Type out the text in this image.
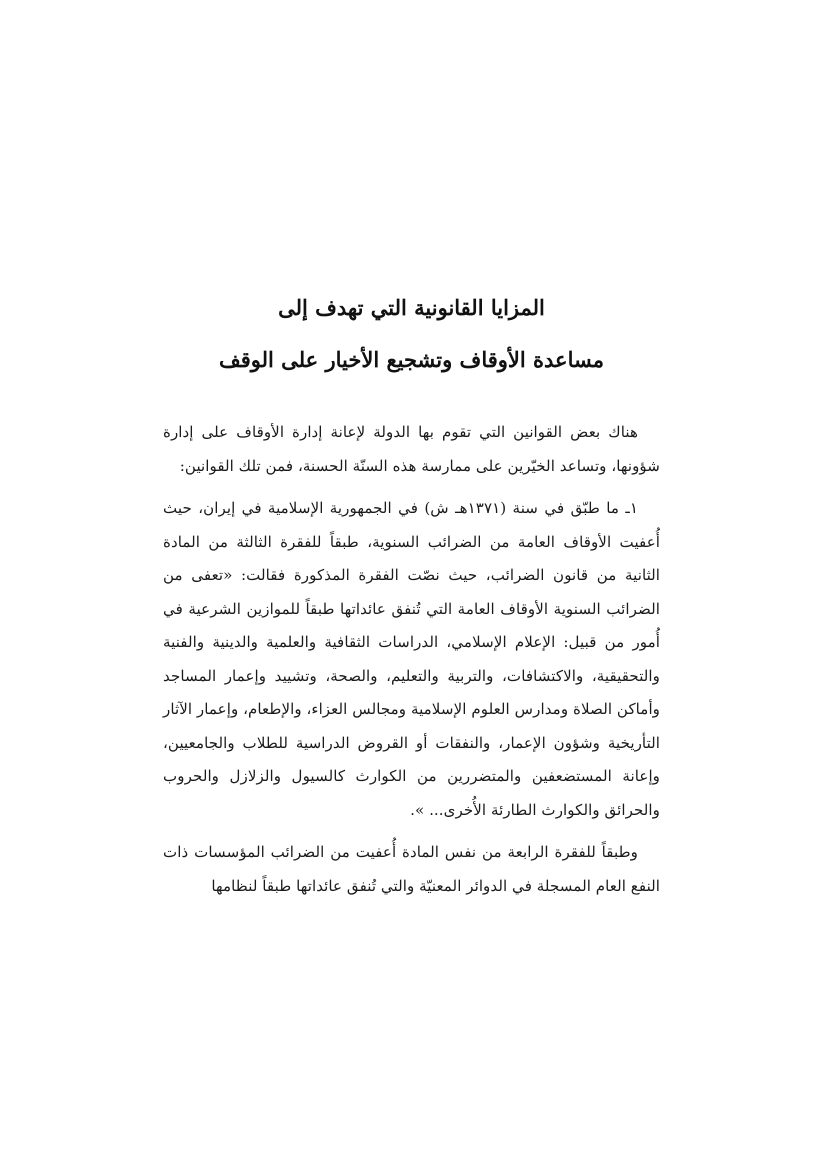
المزايا القانونية التي تهدف إلى
مساعدة الأوقاف وتشجيع الأخيار على الوقف

هناك بعض القوانين التي تقوم بها الدولة لإعانة إدارة الأوقاف على إدارة شؤونها، وتساعد الخيّرين على ممارسة هذه السنّة الحسنة، فمن تلك القوانين:

١ـ ما طبّق في سنة (١٣٧١هـ ش) في الجمهورية الإسلامية في إيران، حيث أُعفيت الأوقاف العامة من الضرائب السنوية، طبقاً للفقرة الثالثة من المادة الثانية من قانون الضرائب، حيث نصّت الفقرة المذكورة فقالت: «تعفى من الضرائب السنوية الأوقاف العامة التي تُنفق عائداتها طبقاً للموازين الشرعية في أُمور من قبيل: الإعلام الإسلامي، الدراسات الثقافية والعلمية والدينية والفنية والتحقيقية، والاكتشافات، والتربية والتعليم، والصحة، وتشييد وإعمار المساجد وأماكن الصلاة ومدارس العلوم الإسلامية ومجالس العزاء، والإطعام، وإعمار الآثار التأريخية وشؤون الإعمار، والنفقات أو القروض الدراسية للطلاب والجامعيين، وإعانة المستضعفين والمتضررين من الكوارث كالسيول والزلازل والحروب والحرائق والكوارث الطارئة الأُخرى... ».

وطبقاً للفقرة الرابعة من نفس المادة أُعفيت من الضرائب المؤسسات ذات النفع العام المسجلة في الدوائر المعنيّة والتي تُنفق عائداتها طبقاً لنظامها
